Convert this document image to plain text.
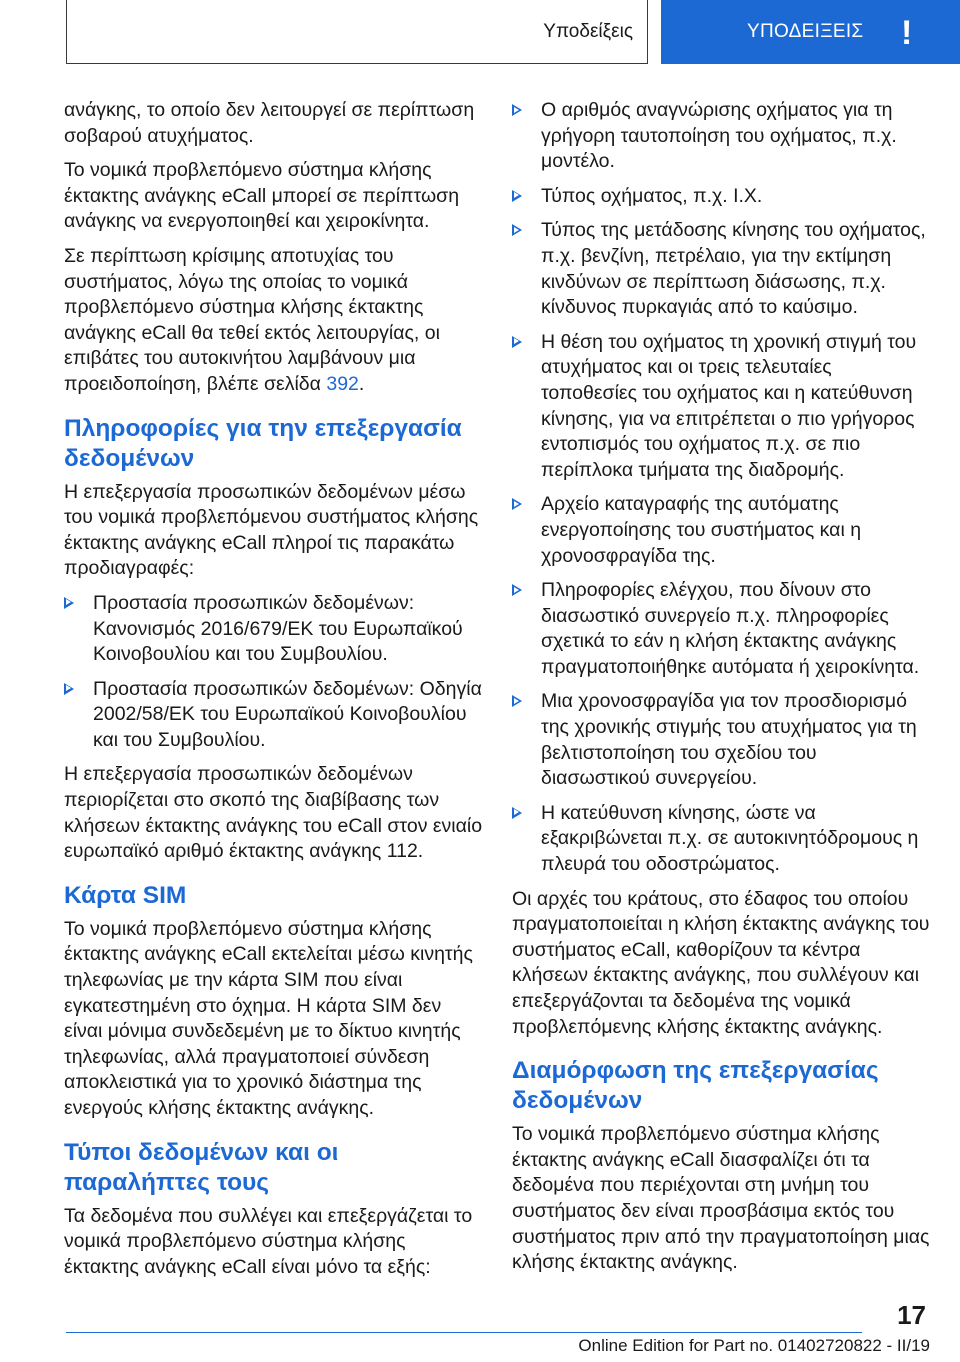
Υποδείξεις	ΥΠΟΔΕΙΞΕΙΣ !

ανάγκης, το οποίο δεν λειτουργεί σε περίπτωση σοβαρού ατυχήματος.

Το νομικά προβλεπόμενο σύστημα κλήσης έκτακτης ανάγκης eCall μπορεί σε περίπτωση ανάγκης να ενεργοποιηθεί και χειροκίνητα.

Σε περίπτωση κρίσιμης αποτυχίας του συστήματος, λόγω της οποίας το νομικά προβλεπόμενο σύστημα κλήσης έκτακτης ανάγκης eCall θα τεθεί εκτός λειτουργίας, οι επιβάτες του αυτοκινήτου λαμβάνουν μια προειδοποίηση, βλέπε σελίδα 392.

Πληροφορίες για την επεξεργασία δεδομένων

Η επεξεργασία προσωπικών δεδομένων μέσω του νομικά προβλεπόμενου συστήματος κλήσης έκτακτης ανάγκης eCall πληροί τις παρακάτω προδιαγραφές:

Προστασία προσωπικών δεδομένων: Κανονισμός 2016/679/ΕΚ του Ευρωπαϊκού Κοινοβουλίου και του Συμβουλίου.
Προστασία προσωπικών δεδομένων: Οδηγία 2002/58/ΕΚ του Ευρωπαϊκού Κοινοβουλίου και του Συμβουλίου.

Η επεξεργασία προσωπικών δεδομένων περιορίζεται στο σκοπό της διαβίβασης των κλήσεων έκτακτης ανάγκης του eCall στον ενιαίο ευρωπαϊκό αριθμό έκτακτης ανάγκης 112.

Κάρτα SIM

Το νομικά προβλεπόμενο σύστημα κλήσης έκτακτης ανάγκης eCall εκτελείται μέσω κινητής τηλεφωνίας με την κάρτα SIM που είναι εγκατεστημένη στο όχημα. Η κάρτα SIM δεν είναι μόνιμα συνδεδεμένη με το δίκτυο κινητής τηλεφωνίας, αλλά πραγματοποιεί σύνδεση αποκλειστικά για το χρονικό διάστημα της ενεργούς κλήσης έκτακτης ανάγκης.

Τύποι δεδομένων και οι παραλήπτες τους

Τα δεδομένα που συλλέγει και επεξεργάζεται το νομικά προβλεπόμενο σύστημα κλήσης έκτακτης ανάγκης eCall είναι μόνο τα εξής:

Ο αριθμός αναγνώρισης οχήματος για τη γρήγορη ταυτοποίηση του οχήματος, π.χ. μοντέλο.
Τύπος οχήματος, π.χ. I.X.
Τύπος της μετάδοσης κίνησης του οχήματος, π.χ. βενζίνη, πετρέλαιο, για την εκτίμηση κινδύνων σε περίπτωση διάσωσης, π.χ. κίνδυνος πυρκαγιάς από το καύσιμο.
Η θέση του οχήματος τη χρονική στιγμή του ατυχήματος και οι τρεις τελευταίες τοποθεσίες του οχήματος και η κατεύθυνση κίνησης, για να επιτρέπεται ο πιο γρήγορος εντοπισμός του οχήματος π.χ. σε πιο περίπλοκα τμήματα της διαδρομής.
Αρχείο καταγραφής της αυτόματης ενεργοποίησης του συστήματος και η χρονοσφραγίδα της.
Πληροφορίες ελέγχου, που δίνουν στο διασωστικό συνεργείο π.χ. πληροφορίες σχετικά το εάν η κλήση έκτακτης ανάγκης πραγματοποιήθηκε αυτόματα ή χειροκίνητα.
Μια χρονοσφραγίδα για τον προσδιορισμό της χρονικής στιγμής του ατυχήματος για τη βελτιστοποίηση του σχεδίου του διασωστικού συνεργείου.
Η κατεύθυνση κίνησης, ώστε να εξακριβώνεται π.χ. σε αυτοκινητόδρομους η πλευρά του οδοστρώματος.

Οι αρχές του κράτους, στο έδαφος του οποίου πραγματοποιείται η κλήση έκτακτης ανάγκης του συστήματος eCall, καθορίζουν τα κέντρα κλήσεων έκτακτης ανάγκης, που συλλέγουν και επεξεργάζονται τα δεδομένα της νομικά προβλεπόμενης κλήσης έκτακτης ανάγκης.

Διαμόρφωση της επεξεργασίας δεδομένων

Το νομικά προβλεπόμενο σύστημα κλήσης έκτακτης ανάγκης eCall διασφαλίζει ότι τα δεδομένα που περιέχονται στη μνήμη του συστήματος δεν είναι προσβάσιμα εκτός του συστήματος πριν από την πραγματοποίηση μιας κλήσης έκτακτης ανάγκης.

17
Online Edition for Part no. 01402720822 - II/19
